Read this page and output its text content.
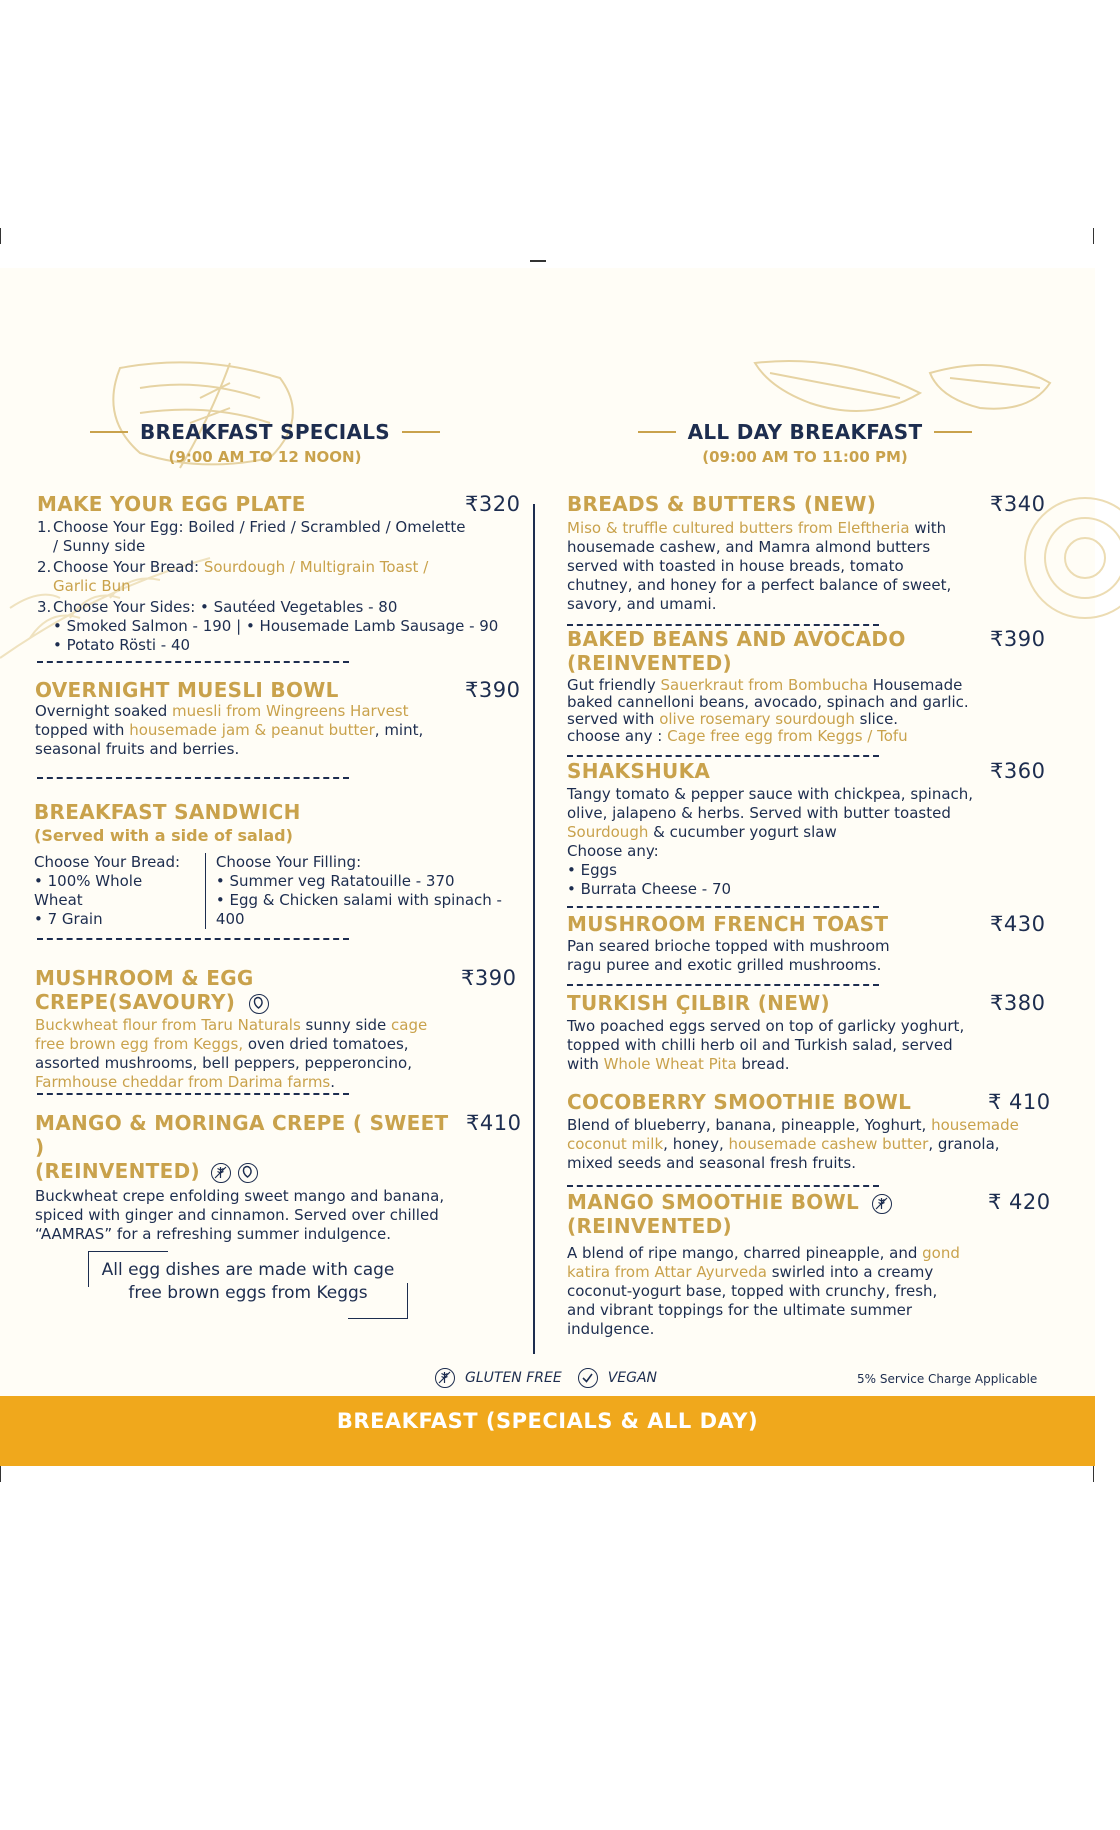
BREAKFAST SPECIALS
(9:00 AM TO 12 NOON)
ALL DAY BREAKFAST
(09:00 AM TO 11:00 PM)
MAKE YOUR EGG PLATE
1. Choose Your Egg: Boiled / Fried / Scrambled / Omelette / Sunny side
2. Choose Your Bread: Sourdough / Multigrain Toast / Garlic Bun
3. Choose Your Sides: • Sautéed Vegetables - 80
• Smoked Salmon - 190 | • Housemade Lamb Sausage - 90
• Potato Rösti - 40
₹320
OVERNIGHT MUESLI BOWL
Overnight soaked muesli from Wingreens Harvest
topped with housemade jam & peanut butter, mint, seasonal fruits and berries.
₹390
BREAKFAST SANDWICH
(Served with a side of salad)
Choose Your Bread:
• 100% Whole Wheat
• 7 Grain
Choose Your Filling:
• Summer veg Ratatouille - 370
• Egg & Chicken salami with spinach - 400
MUSHROOM & EGG CREPE(SAVOURY)
Buckwheat flour from Taru Naturals sunny side cage free brown egg from Keggs, oven dried tomatoes, assorted mushrooms, bell peppers, pepperoncino, Farmhouse cheddar from Darima farms.
₹390
MANGO & MORINGA CREPE ( SWEET )
(REINVENTED)

Buckwheat crepe enfolding sweet mango and banana, spiced with ginger and cinnamon. Served over chilled “AAMRAS” for a refreshing summer indulgence.
₹410
All egg dishes are made with cage
free brown eggs from Keggs
BREADS & BUTTERS (NEW)
Miso & truffle cultured butters from Eleftheria with housemade cashew, and Mamra almond butters served with toasted in house breads, tomato chutney, and honey for a perfect balance of sweet, savory, and umami.
₹340
BAKED BEANS AND AVOCADO
(REINVENTED)
Gut friendly Sauerkraut from Bombucha Housemade baked cannelloni beans, avocado, spinach and garlic. served with olive rosemary sourdough slice.
choose any : Cage free egg from Keggs / Tofu
₹390
SHAKSHUKA
Tangy tomato & pepper sauce with chickpea, spinach, olive, jalapeno & herbs. Served with butter toasted Sourdough & cucumber yogurt slaw
Choose any:
• Eggs
• Burrata Cheese - 70
₹360
MUSHROOM FRENCH TOAST
Pan seared brioche topped with mushroom ragu puree and exotic grilled mushrooms.
₹430
TURKISH ÇILBIR (NEW)
Two poached eggs served on top of garlicky yoghurt, topped with chilli herb oil and Turkish salad, served with Whole Wheat Pita bread.
₹380
COCOBERRY SMOOTHIE BOWL
Blend of blueberry, banana, pineapple, Yoghurt, housemade coconut milk, honey, housemade cashew butter, granola, mixed seeds and seasonal fresh fruits.
₹ 410
MANGO SMOOTHIE BOWL
(REINVENTED)
A blend of ripe mango, charred pineapple, and gond katira from Attar Ayurveda swirled into a creamy coconut-yogurt base, topped with crunchy, fresh, and vibrant toppings for the ultimate summer indulgence.
₹ 420
GLUTEN FREE	VEGAN	5% Service Charge Applicable
BREAKFAST (SPECIALS & ALL DAY)
